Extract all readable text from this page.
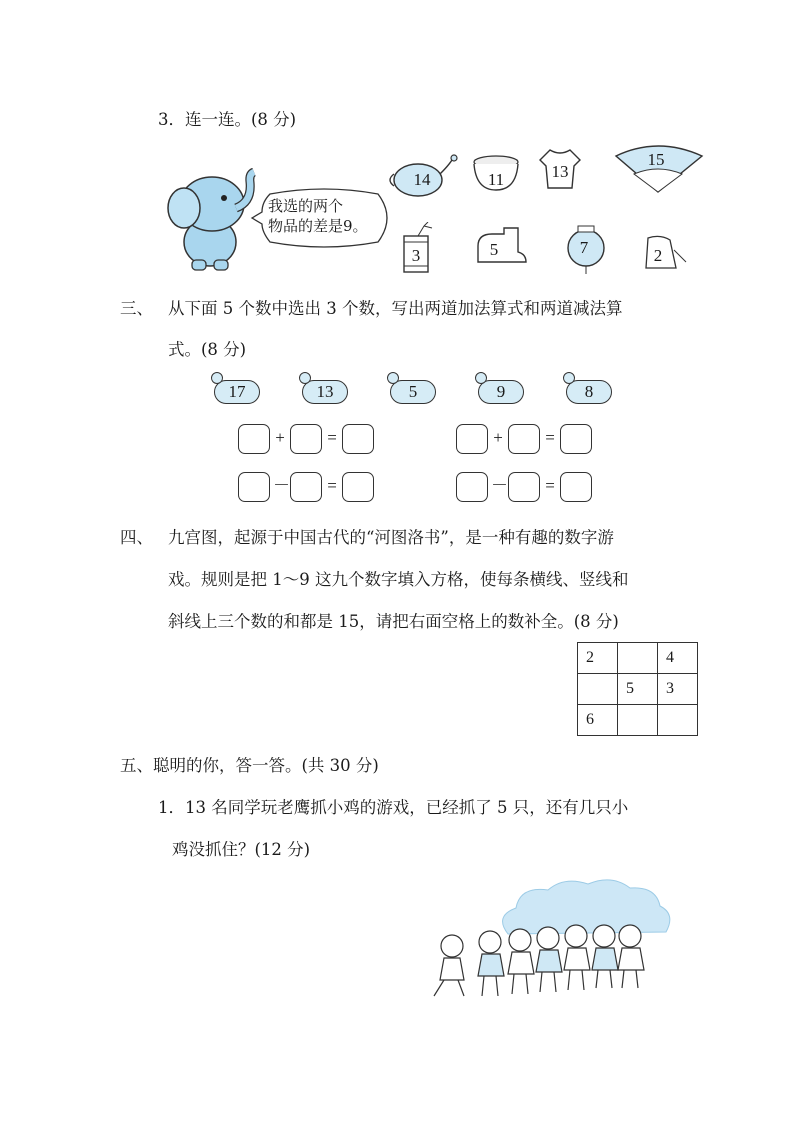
3．连一连。(8 分)
我选的两个
物品的差是9。
14	11	13
15
3	5	7	2
三、 从下面 5 个数中选出 3 个数，写出两道加法算式和两道减法算
式。(8 分)
17	13	5	9	8
+ =	+ =
－ =	－ =
四、 九宫图，起源于中国古代的“河图洛书”，是一种有趣的数字游
戏。规则是把 1～9 这九个数字填入方格，使每条横线、竖线和
斜线上三个数的和都是 15，请把右面空格上的数补全。(8 分)
2		4
	5	3
6		
五、聪明的你，答一答。(共 30 分)
1．13 名同学玩老鹰抓小鸡的游戏，已经抓了 5 只，还有几只小
鸡没抓住？(12 分)
